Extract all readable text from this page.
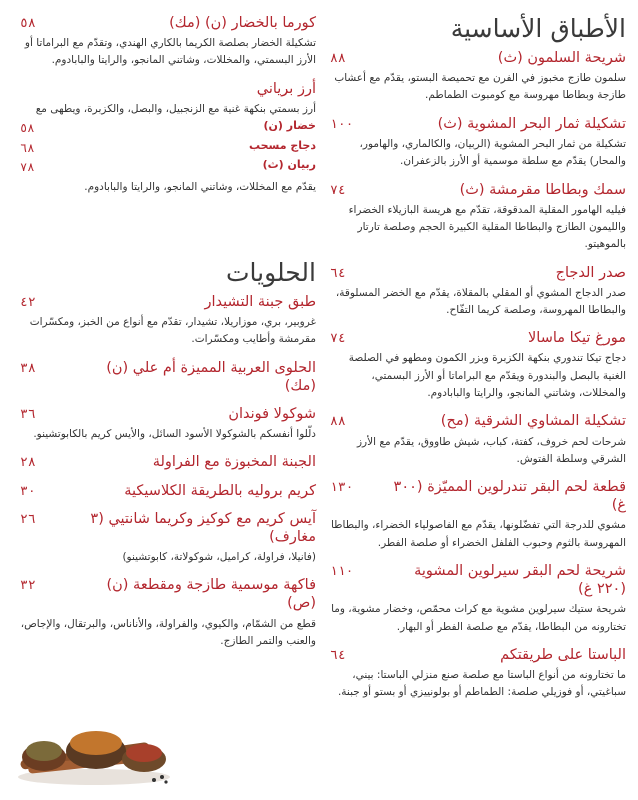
الأطباق الأساسية
شريحة السلمون (ث)
٨٨
سلمون طازج مخبوز في الفرن مع تحميصة البستو، يقدّم مع أعشاب طازجة وبطاطا مهروسة مع كومبوت الطماطم.
تشكيلة ثمار البحر المشوية (ث)
١٠٠
تشكيلة من ثمار البحر المشوية (الربيان، والكالماري، والهامور، والمحار) يقدّم مع سلطة موسمية أو الأرز بالزعفران.
سمك وبطاطا مقرمشة (ث)
٧٤
فيليه الهامور المقلية المدقوقة، تقدّم مع هريسة البازيلاء الخضراء والليمون الطازج والبطاطا المقلية الكبيرة الحجم وصلصة تارتار بالموهيتو.
صدر الدجاج
٦٤
صدر الدجاج المشوي أو المقلي بالمقلاة، يقدّم مع الخضر المسلوقة، والبطاطا المهروسة، وصلصة كريما التفّاح.
مورغ تيكا ماسالا
٧٤
دجاج تيكا تندوري بنكهة الكزبرة وبزر الكمون ومطهو في الصلصة الغنية بالبصل والبندورة ويقدّم مع البراماتا أو الأرز البسمتي، والمخللات، وشاتني المانجو، والرايتا والبابادوم.
تشكيلة المشاوي الشرقية (مح)
٨٨
شرحات لحم خروف، كفتة، كباب، شيش طاووق، يقدّم مع الأرز الشرقي وسلطة الفتوش.
قطعة لحم البقر تندرلوين المميّزة (٣٠٠ غ)
١٣٠
مشوي للدرجة التي تفضّلونها، يقدّم مع الفاصولياء الخضراء، والبطاطا المهروسة بالثوم وحبوب الفلفل الخضراء أو صلصة الفطر.
شريحة لحم البقر سيرلوين المشوية (٢٢٠ غ)
١١٠
شريحة ستيك سيرلوين مشوية مع كرات محمّص، وخضار مشوية، وما تختارونه من البطاطا، يقدّم مع صلصة الفطر أو البهار.
الباستا على طريقتكم
٦٤
ما تختارونه من أنواع الباستا مع صلصة صنع منزلي الباستا: بيني، سباغيتي، أو فوزيلي صلصة: الطماطم أو بولونييزي أو بستو أو جبنة.
كورما بالخضار (ن) (مك)
٥٨
تشكيلة الخضار بصلصة الكريما بالكاري الهندي، وتقدّم مع البراماتا أو الأرز البسمتي، والمخللات، وشاتني المانجو، والرايتا والبابادوم.
أرز برياني
أرز بسمتي بنكهة غنية مع الزنجبيل، والبصل، والكزبرة، ويطهى مع
خضار (ن)
٥٨
دجاج مسحب
٦٨
ربيان (ث)
٧٨
يقدّم مع المخللات، وشاتني المانجو، والرايتا والبابادوم.
الحلويات
طبق جبنة التشيدار
٤٢
غروبير، بري، موزاريلا، تشيدار، تقدّم مع أنواع من الخبز، ومكسّرات مقرمشة وأطايب ومكسّرات.
الحلوى العربية المميزة أم علي (ن) (مك)
٣٨
شوكولا فوندان
٣٦
دلّلوا أنفسكم بالشوكولا الأسود السائل، والأيس كريم بالكابوتشينو.
الجبنة المخبوزة مع الفراولة
٢٨
كريم بروليه بالطريقة الكلاسيكية
٣٠
آيس كريم مع كوكيز وكريما شانتيي (٣ مغارف)
٢٦
(فانيلا، فراولة، كراميل، شوكولاتة، كابوتشينو)
فاكهة موسمية طازجة ومقطعة (ن) (ص)
٣٢
قطع من الشمّام، والكيوي، والفراولة، والأناناس، والبرتقال، والإجاص، والعنب والتمر الطازج.
